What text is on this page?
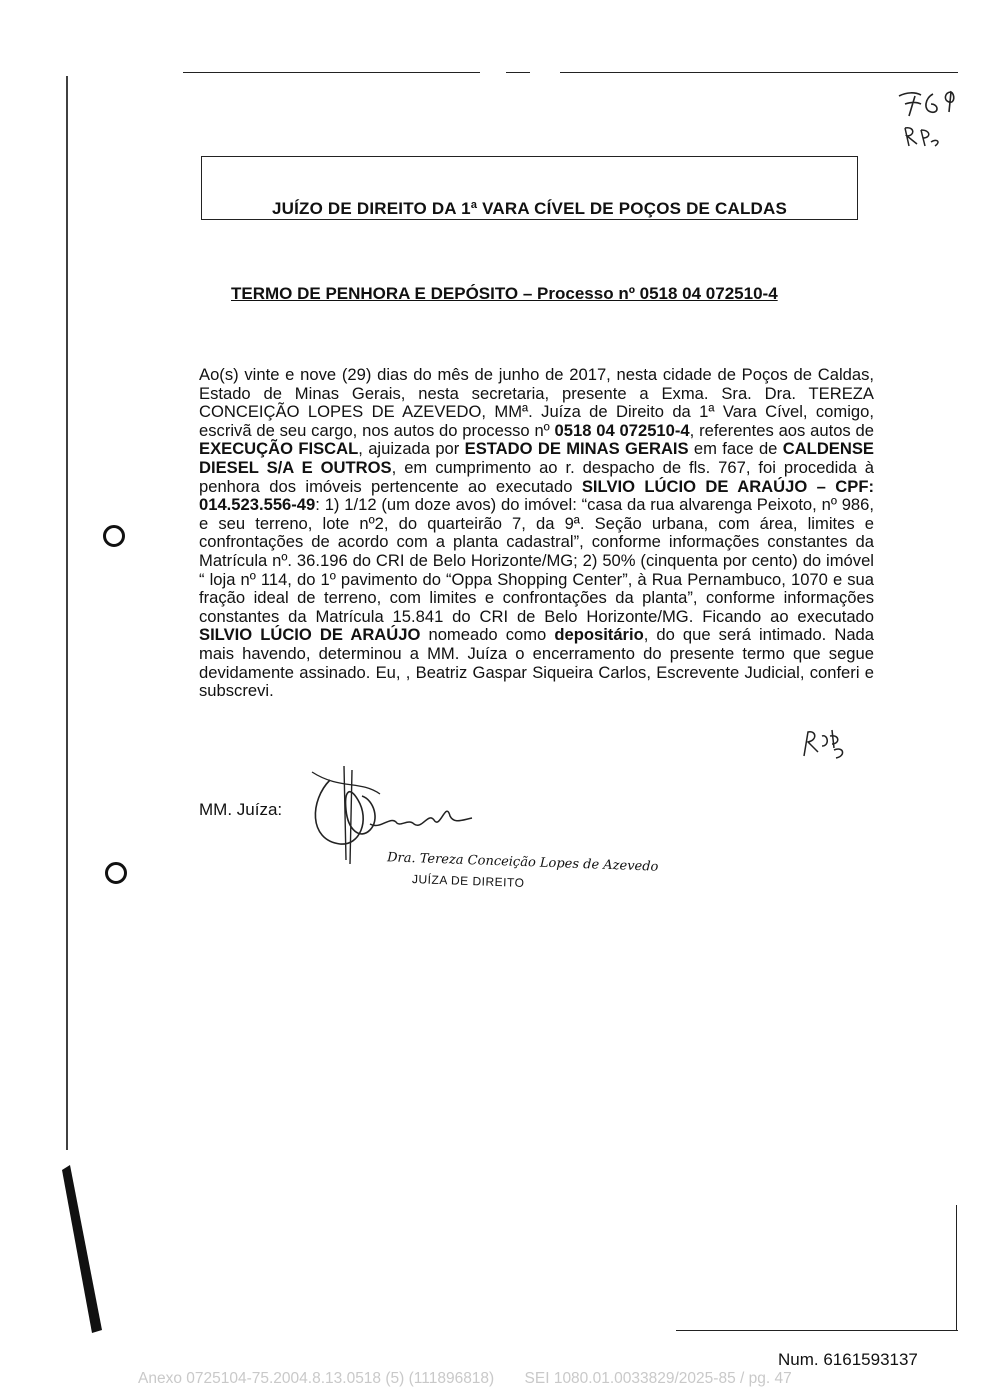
JUÍZO DE DIREITO DA 1ª VARA CÍVEL DE POÇOS DE CALDAS
TERMO DE PENHORA E DEPÓSITO – Processo nº 0518 04 072510-4

Ao(s) vinte e nove (29) dias do mês de junho de 2017, nesta cidade de Poços de Caldas, Estado de Minas Gerais, nesta secretaria, presente a Exma. Sra. Dra. TEREZA CONCEIÇÃO LOPES DE AZEVEDO, MMª. Juíza de Direito da 1ª Vara Cível, comigo, escrivã de seu cargo, nos autos do processo nº 0518 04 072510-4, referentes aos autos de EXECUÇÃO FISCAL, ajuizada por ESTADO DE MINAS GERAIS em face de CALDENSE DIESEL S/A E OUTROS, em cumprimento ao r. despacho de fls. 767, foi procedida à penhora dos imóveis pertencente ao executado SILVIO LÚCIO DE ARAÚJO – CPF: 014.523.556-49: 1) 1/12 (um doze avos) do imóvel: “casa da rua alvarenga Peixoto, nº 986, e seu terreno, lote nº2, do quarteirão 7, da 9ª. Seção urbana, com área, limites e confrontações de acordo com a planta cadastral”, conforme informações constantes da Matrícula nº. 36.196 do CRI de Belo Horizonte/MG; 2) 50% (cinquenta por cento) do imóvel “ loja nº 114, do 1º pavimento do “Oppa Shopping Center”, à Rua Pernambuco, 1070 e sua fração ideal de terreno, com limites e confrontações da planta”, conforme informações constantes da Matrícula 15.841 do CRI de Belo Horizonte/MG. Ficando ao executado SILVIO LÚCIO DE ARAÚJO nomeado como depositário, do que será intimado. Nada mais havendo, determinou a MM. Juíza o encerramento do presente termo que segue devidamente assinado. Eu, , Beatriz Gaspar Siqueira Carlos, Escrevente Judicial, conferi e subscrevi.

MM. Juíza:
Dra. Tereza Conceição Lopes de Azevedo
JUÍZA DE DIREITO
Num. 6161593137
Anexo 0725104-75.2004.8.13.0518 (5) (111896818) SEI 1080.01.0033829/2025-85 / pg. 47
